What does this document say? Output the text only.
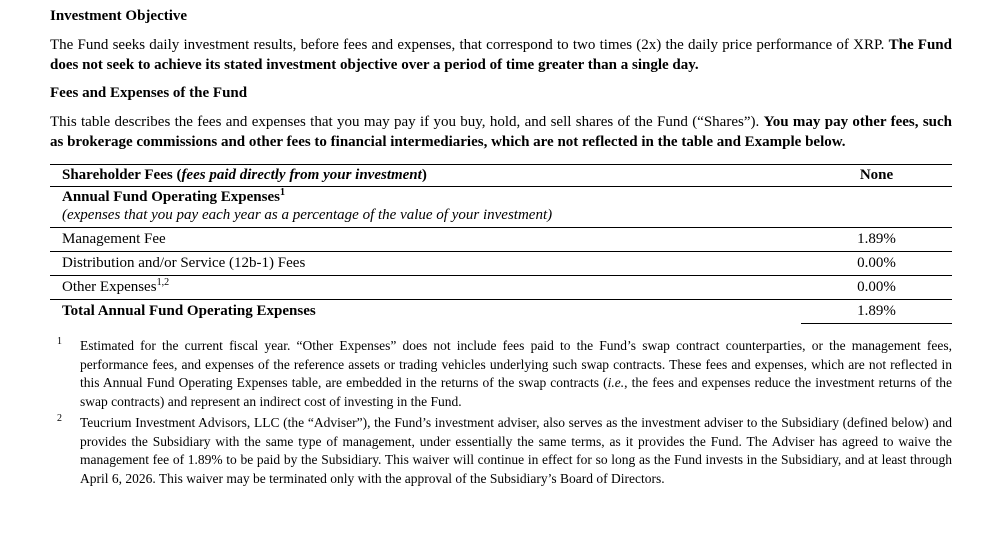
Investment Objective

The Fund seeks daily investment results, before fees and expenses, that correspond to two times (2x) the daily price performance of XRP. The Fund does not seek to achieve its stated investment objective over a period of time greater than a single day.

Fees and Expenses of the Fund

This table describes the fees and expenses that you may pay if you buy, hold, and sell shares of the Fund (“Shares”). You may pay other fees, such as brokerage commissions and other fees to financial intermediaries, which are not reflected in the table and Example below.

Shareholder Fees (fees paid directly from your investment)	None
Annual Fund Operating Expenses$^1$
(expenses that you pay each year as a percentage of the value of your investment)
Management Fee	1.89%
Distribution and/or Service (12b-1) Fees	0.00%
Other Expenses$^{1,2}$	0.00%
Total Annual Fund Operating Expenses	1.89%
1 Estimated for the current fiscal year. “Other Expenses” does not include fees paid to the Fund’s swap contract counterparties, or the management fees, performance fees, and expenses of the reference assets or trading vehicles underlying such swap contracts. These fees and expenses, which are not reflected in this Annual Fund Operating Expenses table, are embedded in the returns of the swap contracts (i.e., the fees and expenses reduce the investment returns of the swap contracts) and represent an indirect cost of investing in the Fund.
2 Teucrium Investment Advisors, LLC (the “Adviser”), the Fund’s investment adviser, also serves as the investment adviser to the Subsidiary (defined below) and provides the Subsidiary with the same type of management, under essentially the same terms, as it provides the Fund. The Adviser has agreed to waive the management fee of 1.89% to be paid by the Subsidiary. This waiver will continue in effect for so long as the Fund invests in the Subsidiary, and at least through April 6, 2026. This waiver may be terminated only with the approval of the Subsidiary’s Board of Directors.
